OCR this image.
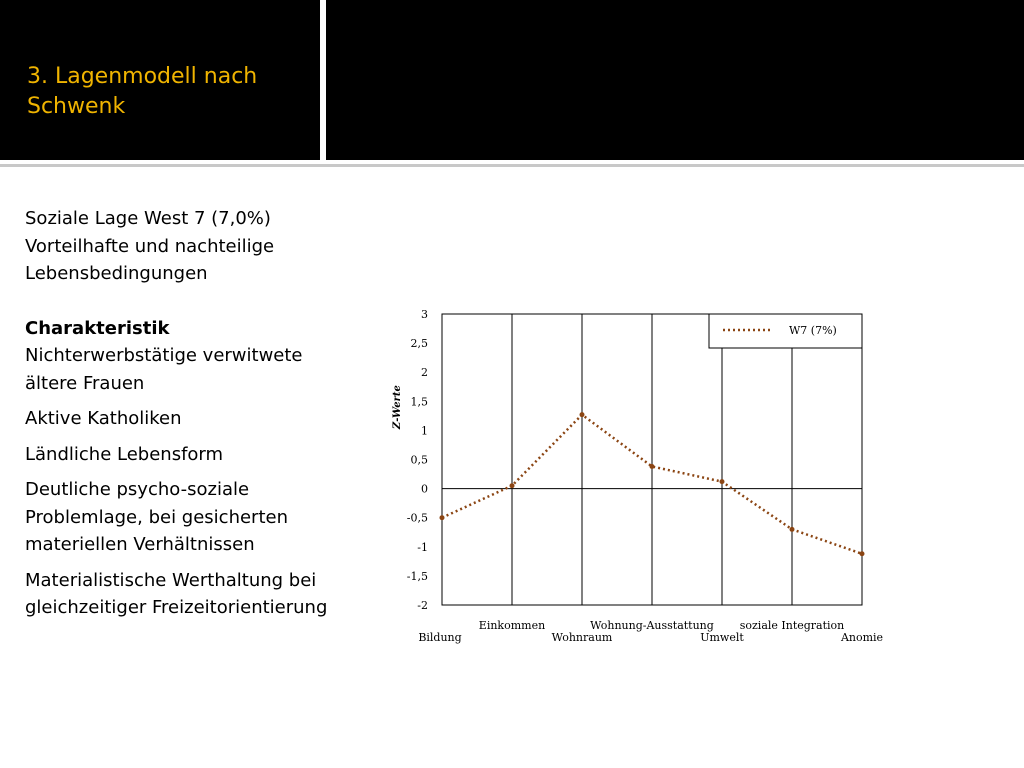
3. Lagenmodell nach Schwenk

Soziale Lage West 7 (7,0%)

Vorteilhafte und nachteilige Lebensbedingungen

Charakteristik

Nichterwerbstätige verwitwete ältere Frauen

Aktive Katholiken

Ländliche Lebensform

Deutliche psycho-soziale Problemlage, bei gesicherten materiellen Verhältnissen

Materialistische Werthaltung bei gleichzeitiger Freizeitorientierung

3
2,5
2
1,5
1
0,5
0
-0,5
-1
-1,5
-2
Z-Werte
Bildung
Einkommen
Wohnraum
Wohnung-Ausstattung
Umwelt
soziale Integration
Anomie
W7 (7%)
